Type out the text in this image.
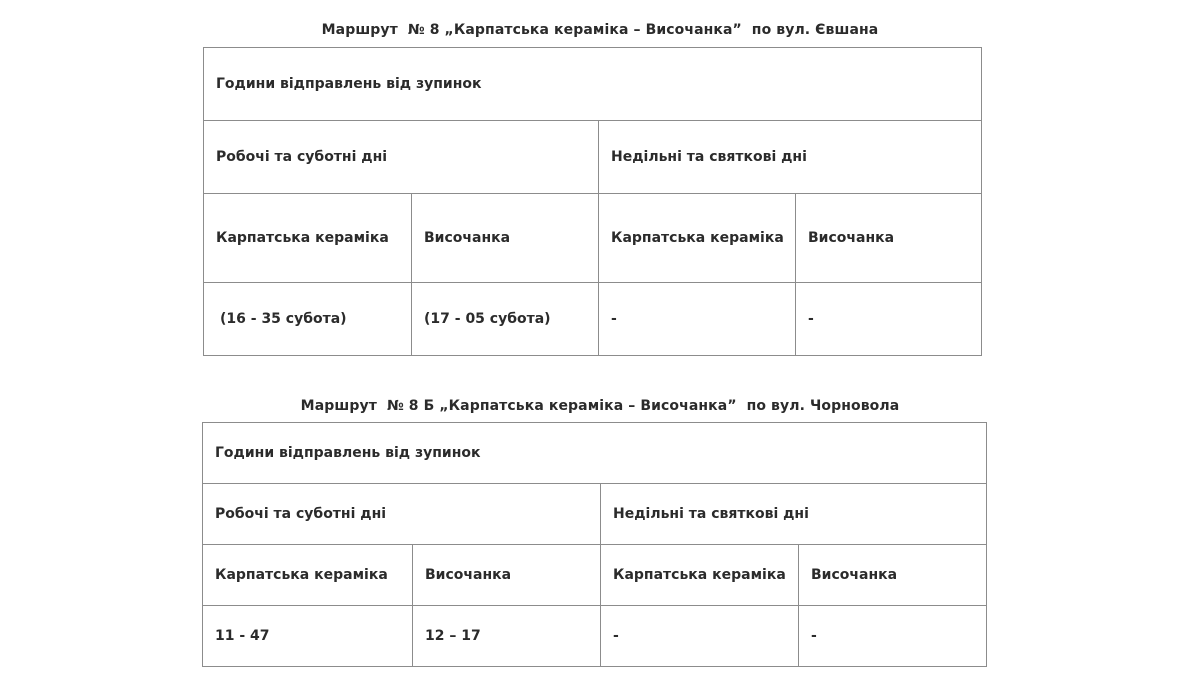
Маршрут  № 8 „Карпатська кераміка – Височанка”  по вул. Євшана
Години відправлень від зупинок			
Робочі та суботні дні		Недільні та святкові дні	
Карпатська кераміка	Височанка	Карпатська кераміка	Височанка
(16 - 35 субота)	(17 - 05 субота)	-	-
Маршрут  № 8 Б „Карпатська кераміка – Височанка”  по вул. Чорновола
Години відправлень від зупинок			
Робочі та суботні дні		Недільні та святкові дні	
Карпатська кераміка	Височанка	Карпатська кераміка	Височанка
11 - 47	12 – 17	-	-
